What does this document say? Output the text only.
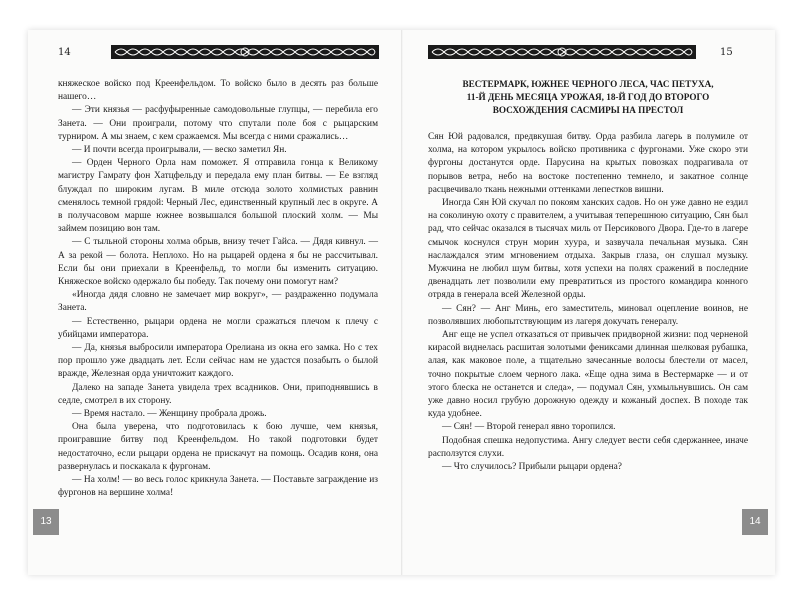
14	15

княжеское войско под Креенфельдом. То войско было в десять раз больше нашего…

— Эти князья — расфуфыренные самодовольные глупцы, — перебила его Занета. — Они проиграли, потому что спутали поле боя с рыцарским турниром. А мы знаем, с кем сражаемся. Мы всегда с ними сражались…

— И почти всегда проигрывали, — веско заметил Ян.

— Орден Черного Орла нам поможет. Я отправила гонца к Великому магистру Гамрату фон Хатцфельду и передала ему план битвы. — Ее взгляд блуждал по широким лугам. В миле отсюда золото холмистых равнин сменялось темной грядой: Черный Лес, единственный крупный лес в округе. А в получасовом марше южнее возвышался большой плоский холм. — Мы займем позицию вон там.

— С тыльной стороны холма обрыв, внизу течет Гайса. — Дядя кивнул. — А за рекой — болота. Неплохо. Но на рыцарей ордена я бы не рассчитывал. Если бы они приехали в Креенфельд, то могли бы изменить ситуацию. Княжеское войско одержало бы победу. Так почему они помогут нам?

«Иногда дядя словно не замечает мир вокруг», — раздраженно подумала Занета.

— Естественно, рыцари ордена не могли сражаться плечом к плечу с убийцами императора.

— Да, князья выбросили императора Орелиана из окна его замка. Но с тех пор прошло уже двадцать лет. Если сейчас нам не удастся позабыть о былой вражде, Железная орда уничтожит каждого.

Далеко на западе Занета увидела трех всадников. Они, приподнявшись в седле, смотрел в их сторону.

— Время настало. — Женщину пробрала дрожь.

Она была уверена, что подготовилась к бою лучше, чем князья, проигравшие битву под Креенфельдом. Но такой подготовки будет недостаточно, если рыцари ордена не прискачут на помощь. Осадив коня, она развернулась и поскакала к фургонам.

— На холм! — во весь голос крикнула Занета. — Поставьте заграждение из фургонов на вершине холма!

ВЕСТЕРМАРК, ЮЖНЕЕ ЧЕРНОГО ЛЕСА, ЧАС ПЕТУХА,
11-Й ДЕНЬ МЕСЯЦА УРОЖАЯ, 18-Й ГОД ДО ВТОРОГО
ВОСХОЖДЕНИЯ САСМИРЫ НА ПРЕСТОЛ

Сян Юй радовался, предвкушая битву. Орда разбила лагерь в полумиле от холма, на котором укрылось войско противника с фургонами. Уже скоро эти фургоны достанутся орде. Парусина на крытых повозках подрагивала от порывов ветра, небо на востоке постепенно темнело, и закатное солнце расцвечивало ткань нежными оттенками лепестков вишни.

Иногда Сян Юй скучал по покоям ханских садов. Но он уже давно не ездил на соколиную охоту с правителем, а учитывая теперешнюю ситуацию, Сян был рад, что сейчас оказался в тысячах миль от Персикового Двора. Где-то в лагере смычок коснулся струн морин хуура, и зазвучала печальная музыка. Сян наслаждался этим мгновением отдыха. Закрыв глаза, он слушал музыку. Мужчина не любил шум битвы, хотя успехи на полях сражений в последние двенадцать лет позволили ему превратиться из простого командира конного отряда в генерала всей Железной орды.

— Сян? — Анг Минь, его заместитель, миновал оцепление воинов, не позволявших любопытствующим из лагеря докучать генералу.

Анг еще не успел отказаться от привычек придворной жизни: под черненой кирасой виднелась расшитая золотыми фениксами длинная шелковая рубашка, алая, как маковое поле, а тщательно зачесанные волосы блестели от масел, точно покрытые слоем черного лака. «Еще одна зима в Вестермарке — и от этого блеска не останется и следа», — подумал Сян, ухмыльнувшись. Он сам уже давно носил грубую дорожную одежду и кожаный доспех. В походе так куда удобнее.

— Сян! — Второй генерал явно торопился.

Подобная спешка недопустима. Ангу следует вести себя сдержаннее, иначе расползутся слухи.

— Что случилось? Прибыли рыцари ордена?

13	14
